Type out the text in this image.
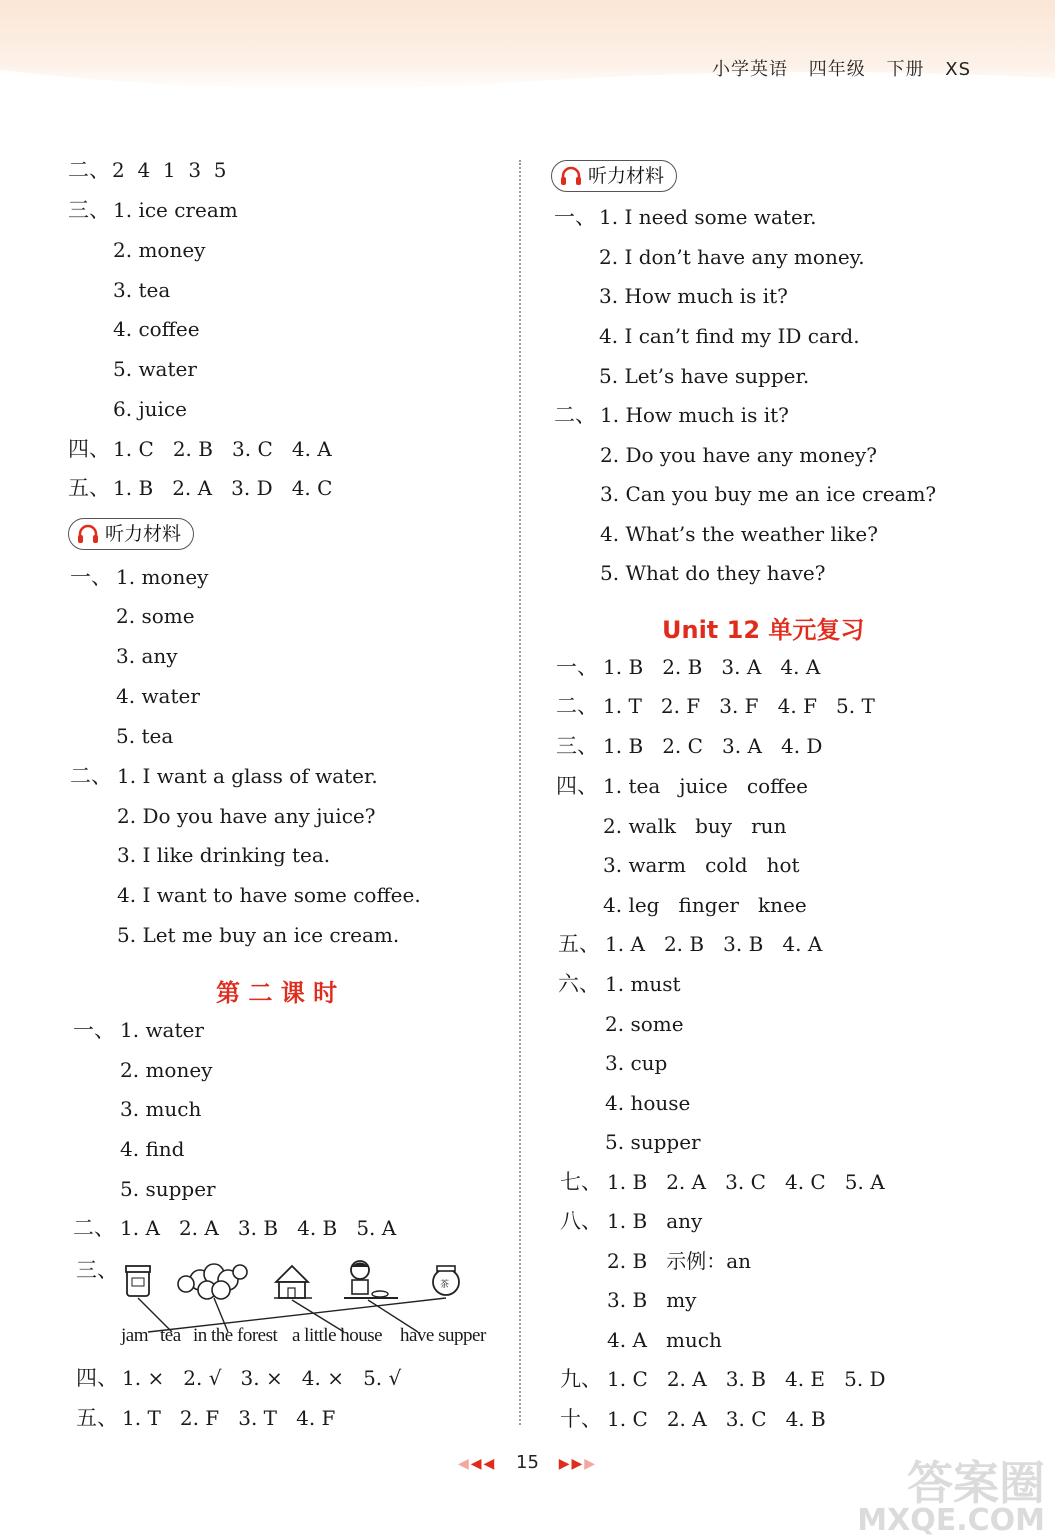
小学英语 四年级 下册 XS
二、 2  4  1  3  5
三、 1. ice cream
2. money
3. tea
4. coffee
5. water
6. juice
四、 1. C   2. B   3. C   4. A
五、 1. B   2. A   3. D   4. C
听力材料
一、 1. money
2. some
3. any
4. water
5. tea
二、 1. I want a glass of water.
2. Do you have any juice?
3. I like drinking tea.
4. I want to have some coffee.
5. Let me buy an ice cream.
第 二 课 时
一、 1. water
2. money
3. much
4. find
5. supper
二、 1. A   2. A   3. B   4. B   5. A
三、
茶
jam tea in the forest a little house have supper
四、 1. ×   2. √   3. ×   4. ×   5. √
五、 1. T   2. F   3. T   4. F
听力材料
一、 1. I need some water.
2. I don’t have any money.
3. How much is it?
4. I can’t find my ID card.
5. Let’s have supper.
二、 1. How much is it?
2. Do you have any money?
3. Can you buy me an ice cream?
4. What’s the weather like?
5. What do they have?
Unit 12 单元复习
一、 1. B   2. B   3. A   4. A
二、 1. T   2. F   3. F   4. F   5. T
三、 1. B   2. C   3. A   4. D
四、 1. tea   juice   coffee
2. walk   buy   run
3. warm   cold   hot
4. leg   finger   knee
五、 1. A   2. B   3. B   4. A
六、 1. must
2. some
3. cup
4. house
5. supper
七、 1. B   2. A   3. C   4. C   5. A
八、 1. B   any
2. B   示例：an
3. B   my
4. A   much
九、 1. C   2. A   3. B   4. E   5. D
十、 1. C   2. A   3. C   4. B
◀◀◀ 15 ▶▶▶	答案圈
MXQE.COM
